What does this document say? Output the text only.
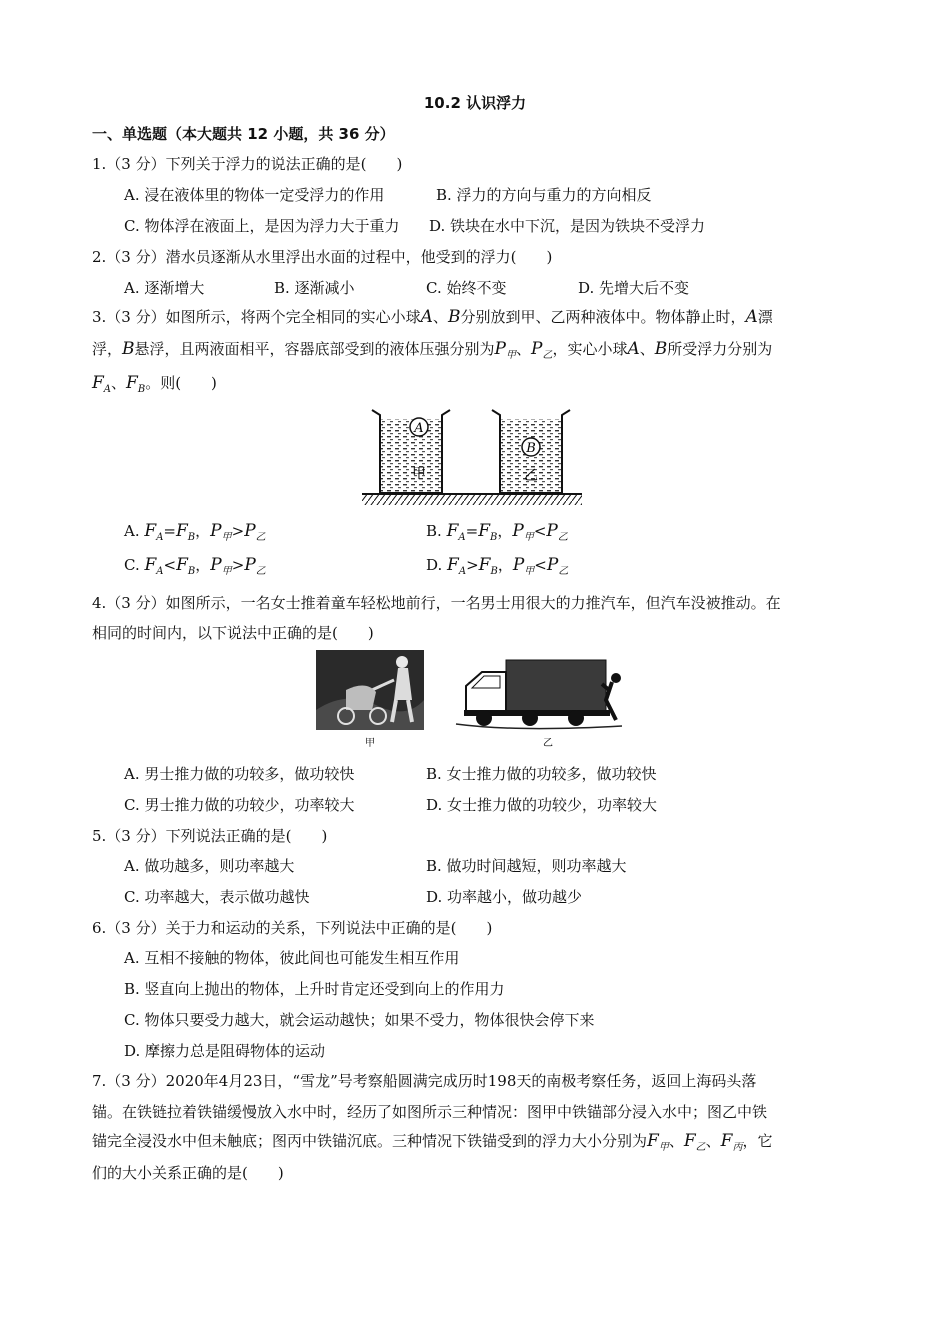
10.2 认识浮力
一、单选题（本大题共 12 小题，共 36 分）
1.（3 分）下列关于浮力的说法正确的是(　　)
A. 浸在液体里的物体一定受浮力的作用	B. 浮力的方向与重力的方向相反
C. 物体浮在液面上，是因为浮力大于重力 D. 铁块在水中下沉，是因为铁块不受浮力
2.（3 分）潜水员逐渐从水里浮出水面的过程中，他受到的浮力(　　)
A. 逐渐增大	B. 逐渐减小	C. 始终不变	D. 先增大后不变
3.（3 分）如图所示，将两个完全相同的实心小球A、B分别放到甲、乙两种液体中。物体静止时，A漂
浮，B悬浮，且两液面相平，容器底部受到的液体压强分别为$P_甲$、$P_乙$，实心小球A、B所受浮力分别为
$F_A$、$F_B$。则(　　)
A
甲
B
乙
A. $F_A=F_B$，$P_甲>P_乙$	B. $F_A=F_B$，$P_甲<P_乙$
C. $F_A<F_B$，$P_甲>P_乙$	D. $F_A>F_B$，$P_甲<P_乙$
4.（3 分）如图所示，一名女士推着童车轻松地前行，一名男士用很大的力推汽车，但汽车没被推动。在
相同的时间内，以下说法中正确的是(　　)
甲	乙
A. 男士推力做的功较多，做功较快	B. 女士推力做的功较多，做功较快
C. 男士推力做的功较少，功率较大	D. 女士推力做的功较少，功率较大
5.（3 分）下列说法正确的是(　　)
A. 做功越多，则功率越大	B. 做功时间越短，则功率越大
C. 功率越大，表示做功越快	D. 功率越小，做功越少
6.（3 分）关于力和运动的关系，下列说法中正确的是(　　)
A. 互相不接触的物体，彼此间也可能发生相互作用
B. 竖直向上抛出的物体，上升时肯定还受到向上的作用力
C. 物体只要受力越大，就会运动越快；如果不受力，物体很快会停下来
D. 摩擦力总是阻碍物体的运动
7.（3 分）2020年4月23日，“雪龙”号考察船圆满完成历时198天的南极考察任务，返回上海码头落
锚。在铁链拉着铁锚缓慢放入水中时，经历了如图所示三种情况：图甲中铁锚部分浸入水中；图乙中铁
锚完全浸没水中但未触底；图丙中铁锚沉底。三种情况下铁锚受到的浮力大小分别为$F_甲$、$F_乙$、$F_丙$，它
们的大小关系正确的是(　　)
